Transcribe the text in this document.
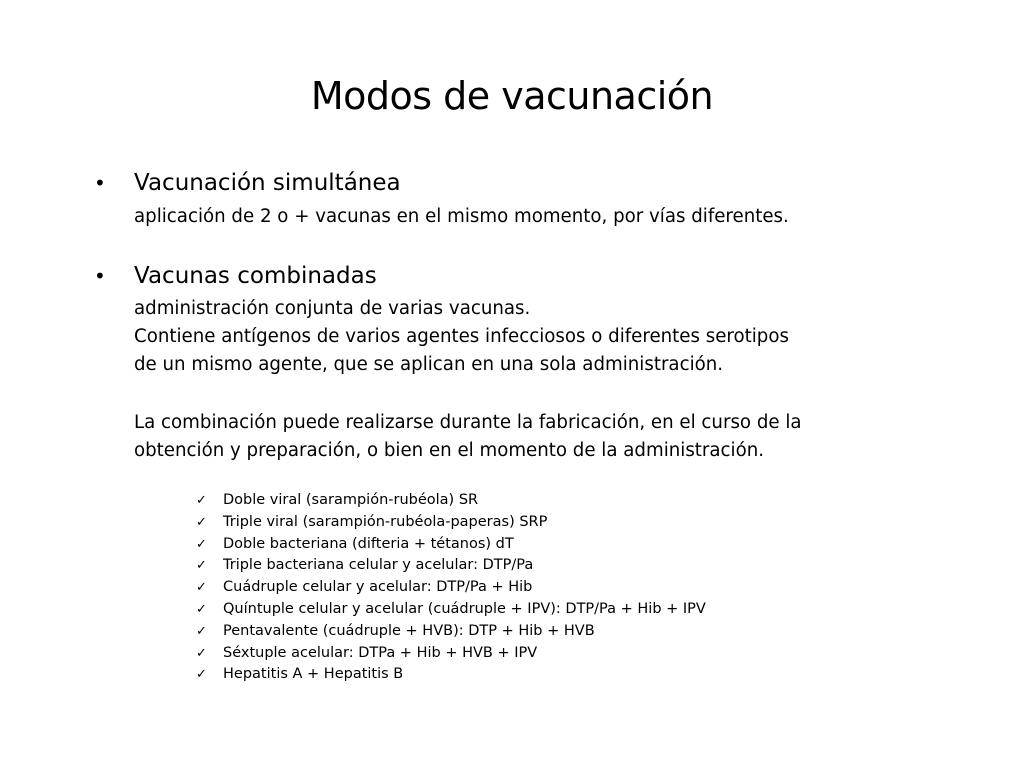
Modos de vacunación
•	Vacunación simultánea
aplicación de 2 o + vacunas en el mismo momento, por vías diferentes.
•	Vacunas combinadas
administración conjunta de varias vacunas.
Contiene antígenos de varios agentes infecciosos o diferentes serotipos
de un mismo agente, que se aplican en una sola administración.
La combinación puede realizarse durante la fabricación, en el curso de la
obtención y preparación, o bien en el momento de la administración.
✓	Doble viral (sarampión-rubéola) SR
✓	Triple viral (sarampión-rubéola-paperas) SRP
✓	Doble bacteriana (difteria + tétanos) dT
✓	Triple bacteriana celular y acelular: DTP/Pa
✓	Cuádruple celular y acelular: DTP/Pa + Hib
✓	Quíntuple celular y acelular (cuádruple + IPV): DTP/Pa + Hib + IPV
✓	Pentavalente (cuádruple + HVB): DTP + Hib + HVB
✓	Séxtuple acelular: DTPa + Hib + HVB + IPV
✓	Hepatitis A + Hepatitis B
